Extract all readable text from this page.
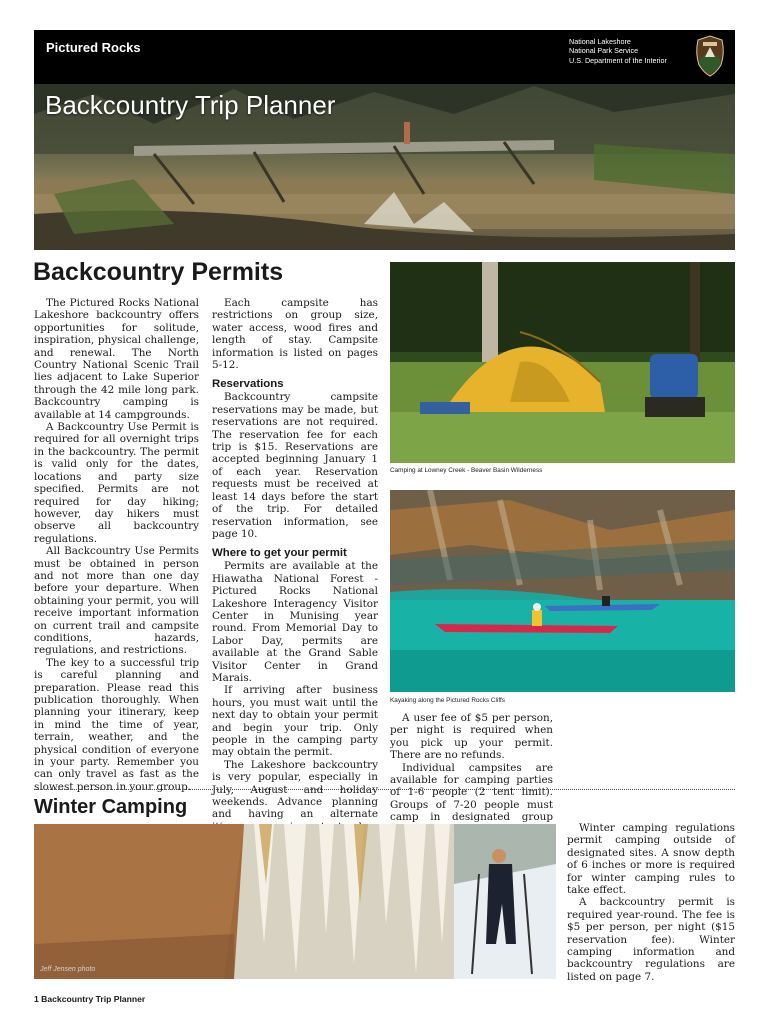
Pictured Rocks	National Lakeshore
National Park Service
U.S. Department of the Interior
Backcountry Trip Planner
Backcountry Permits

The Pictured Rocks National Lakeshore backcountry offers opportunities for solitude, inspiration, physical challenge, and renewal. The North Country National Scenic Trail lies adjacent to Lake Superior through the 42 mile long park. Backcountry camping is available at 14 campgrounds.

A Backcountry Use Permit is required for all overnight trips in the backcountry. The permit is valid only for the dates, locations and party size specified. Permits are not required for day hiking; however, day hikers must observe all backcountry regulations.

All Backcountry Use Permits must be obtained in person and not more than one day before your departure. When obtaining your permit, you will receive important information on current trail and campsite conditions, hazards, regulations, and restrictions.

The key to a successful trip is careful planning and preparation. Please read this publication thoroughly. When planning your itinerary, keep in mind the time of year, terrain, weather, and the physical condition of everyone in your party. Remember you can only travel as fast as the slowest person in your group.

Each campsite has restrictions on group size, water access, wood fires and length of stay. Campsite information is listed on pages 5-12.

Reservations

Backcountry campsite reservations may be made, but reservations are not required. The reservation fee for each trip is $15. Reservations are accepted beginning January 1 of each year. Reservation requests must be received at least 14 days before the start of the trip. For detailed reservation information, see page 10.

Where to get your permit

Permits are available at the Hiawatha National Forest - Pictured Rocks National Lakeshore Interagency Visitor Center in Munising year round. From Memorial Day to Labor Day, permits are available at the Grand Sable Visitor Center in Grand Marais.

If arriving after business hours, you must wait until the next day to obtain your permit and begin your trip. Only people in the camping party may obtain the permit.

The Lakeshore backcountry is very popular, especially in July, August and holiday weekends. Advance planning and having an alternate

Camping at Lowney Creek - Beaver Basin Wilderness
Kayaking along the Pictured Rocks Cliffs

A user fee of $5 per person, per night is required when you pick up your permit. There are no refunds.

Individual campsites are available for camping parties of 1-6 people (2 tent limit). Groups of 7-20 people must camp in designated group

Winter Camping
Jeff Jensen photo

Winter camping regulations permit camping outside of designated sites. A snow depth of 6 inches or more is required for winter camping rules to take effect.

A backcountry permit is required year-round. The fee is $5 per person, per night ($15 reservation fee). Winter camping information and backcountry regulations are listed on page 7.

1 Backcountry Trip Planner
